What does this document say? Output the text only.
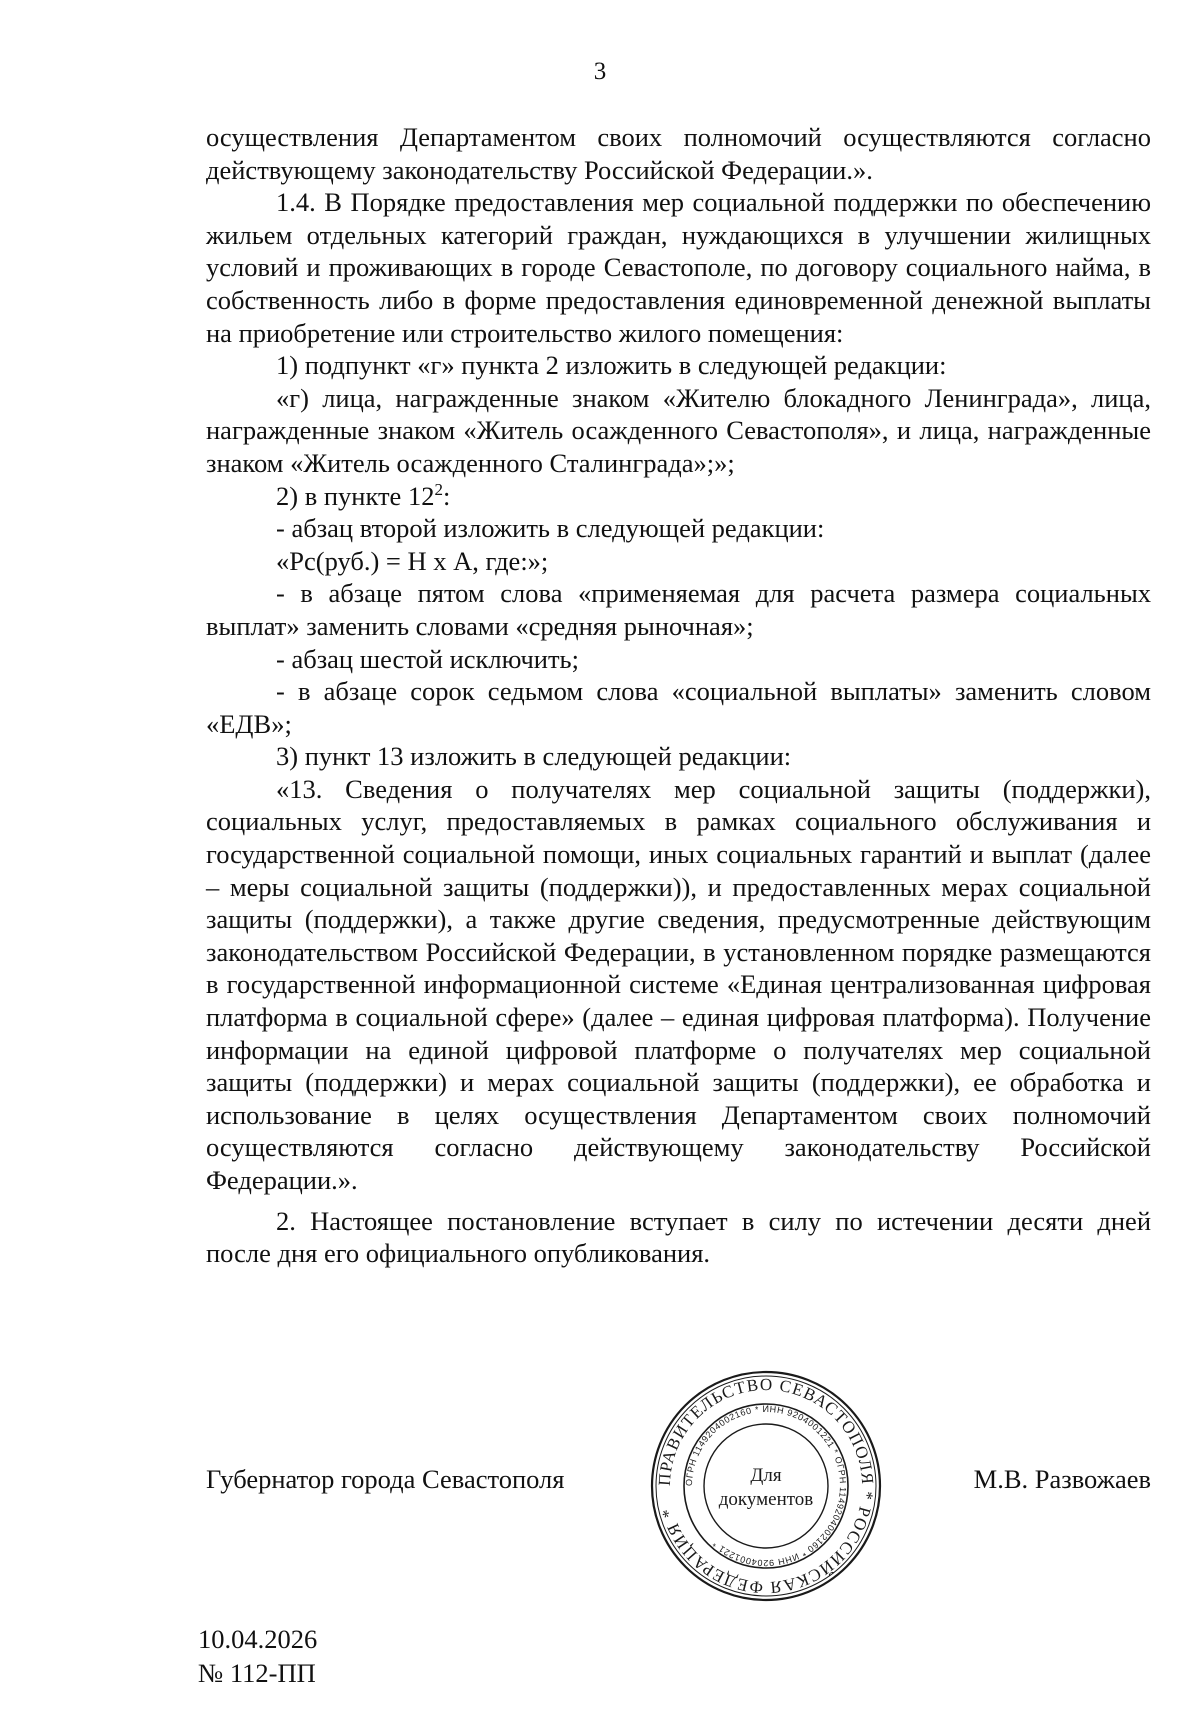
3

осуществления Департаментом своих полномочий осуществляются согласно действующему законодательству Российской Федерации.».

1.4. В Порядке предоставления мер социальной поддержки по обеспечению жильем отдельных категорий граждан, нуждающихся в улучшении жилищных условий и проживающих в городе Севастополе, по договору социального найма, в собственность либо в форме предоставления единовременной денежной выплаты на приобретение или строительство жилого помещения:

1) подпункт «г» пункта 2 изложить в следующей редакции:

«г) лица, награжденные знаком «Жителю блокадного Ленинграда», лица, награжденные знаком «Житель осажденного Севастополя», и лица, награжденные знаком «Житель осажденного Сталинграда»;»;

2) в пункте $12^2$:

- абзац второй изложить в следующей редакции:

«Рс(руб.) = Н х А, где:»;

- в абзаце пятом слова «применяемая для расчета размера социальных выплат» заменить словами «средняя рыночная»;

- абзац шестой исключить;

- в абзаце сорок седьмом слова «социальной выплаты» заменить словом «ЕДВ»;

3) пункт 13 изложить в следующей редакции:

«13. Сведения о получателях мер социальной защиты (поддержки), социальных услуг, предоставляемых в рамках социального обслуживания и государственной социальной помощи, иных социальных гарантий и выплат (далее – меры социальной защиты (поддержки)), и предоставленных мерах социальной защиты (поддержки), а также другие сведения, предусмотренные действующим законодательством Российской Федерации, в установленном порядке размещаются в государственной информационной системе «Единая централизованная цифровая платформа в социальной сфере» (далее – единая цифровая платформа). Получение информации на единой цифровой платформе о получателях мер социальной защиты (поддержки) и мерах социальной защиты (поддержки), ее обработка и использование в целях осуществления Департаментом своих полномочий осуществляются согласно действующему законодательству Российской Федерации.».

2. Настоящее постановление вступает в силу по истечении десяти дней после дня его официального опубликования.

Губернатор города Севастополя	М.В. Развожаев
ПРАВИТЕЛЬСТВО СЕВАСТОПОЛЯ * РОССИЙСКАЯ ФЕДЕРАЦИЯ *
ОГРН 1149204002160 * ИНН 9204001221 * ОГРН 1149204002160 * ИНН 9204001221 *
Для
документов
10.04.2026
№ 112-ПП
